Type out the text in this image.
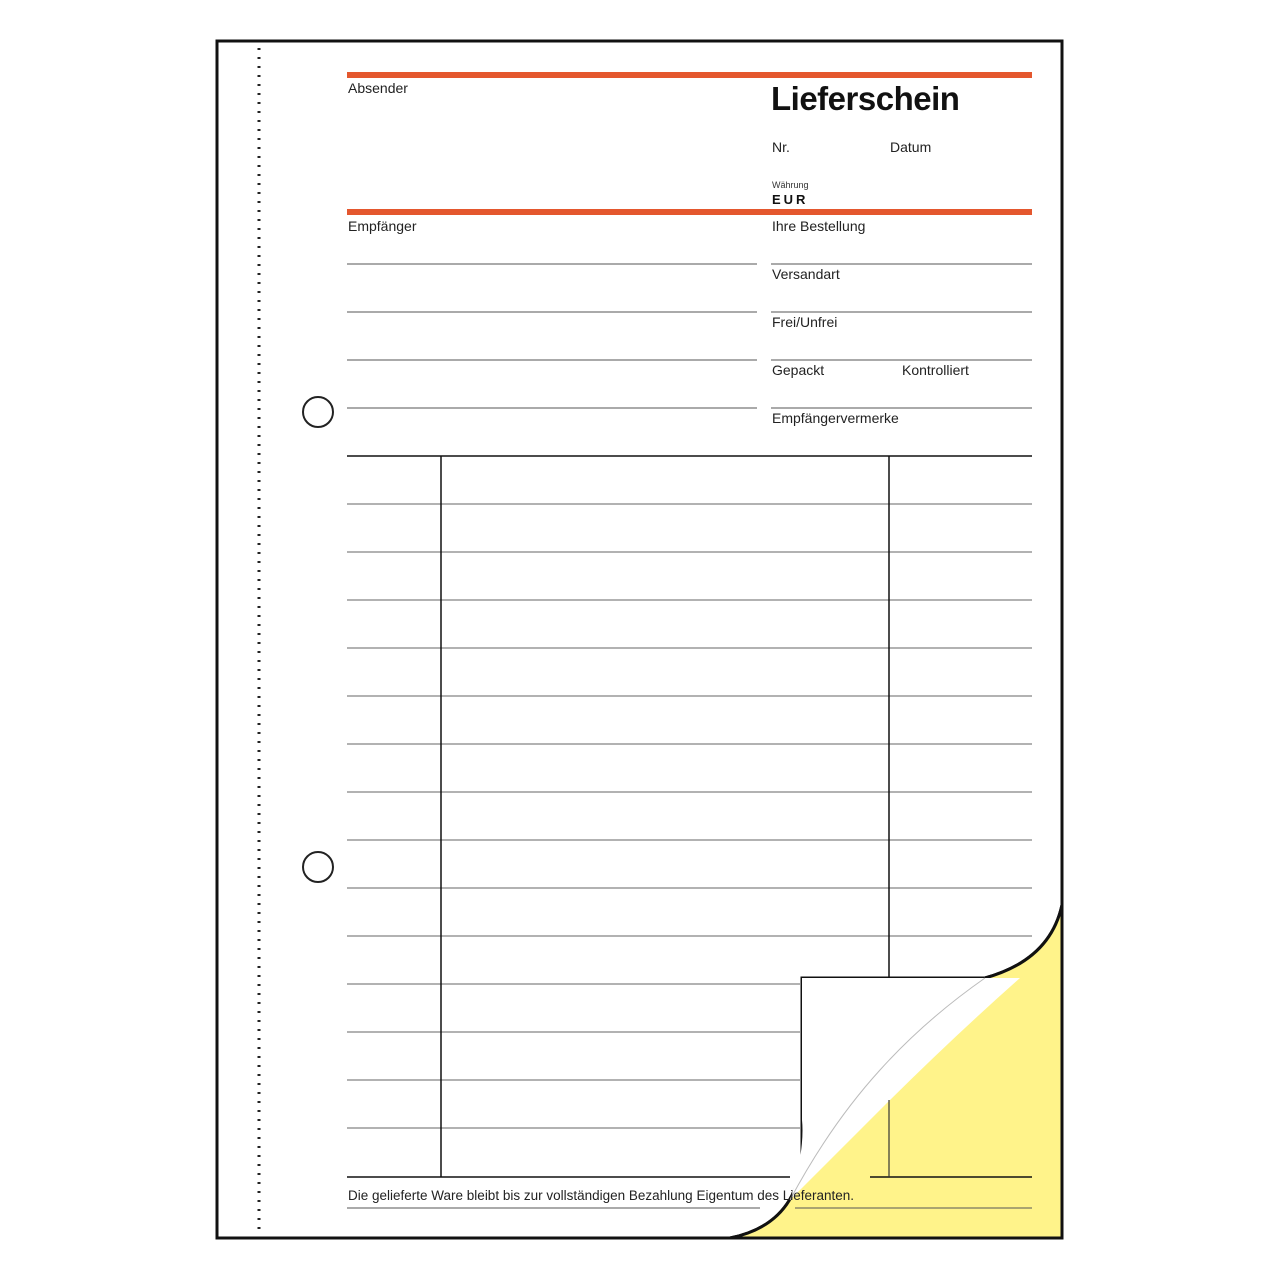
Absender	Lieferschein
Nr.	Datum
Währung
EUR
Empfänger	Ihre Bestellung
Versandart
Frei/Unfrei
Gepackt	Kontrolliert
Empfängervermerke
Die gelieferte Ware bleibt bis zur vollständigen Bezahlung Eigentum des Lieferanten.
